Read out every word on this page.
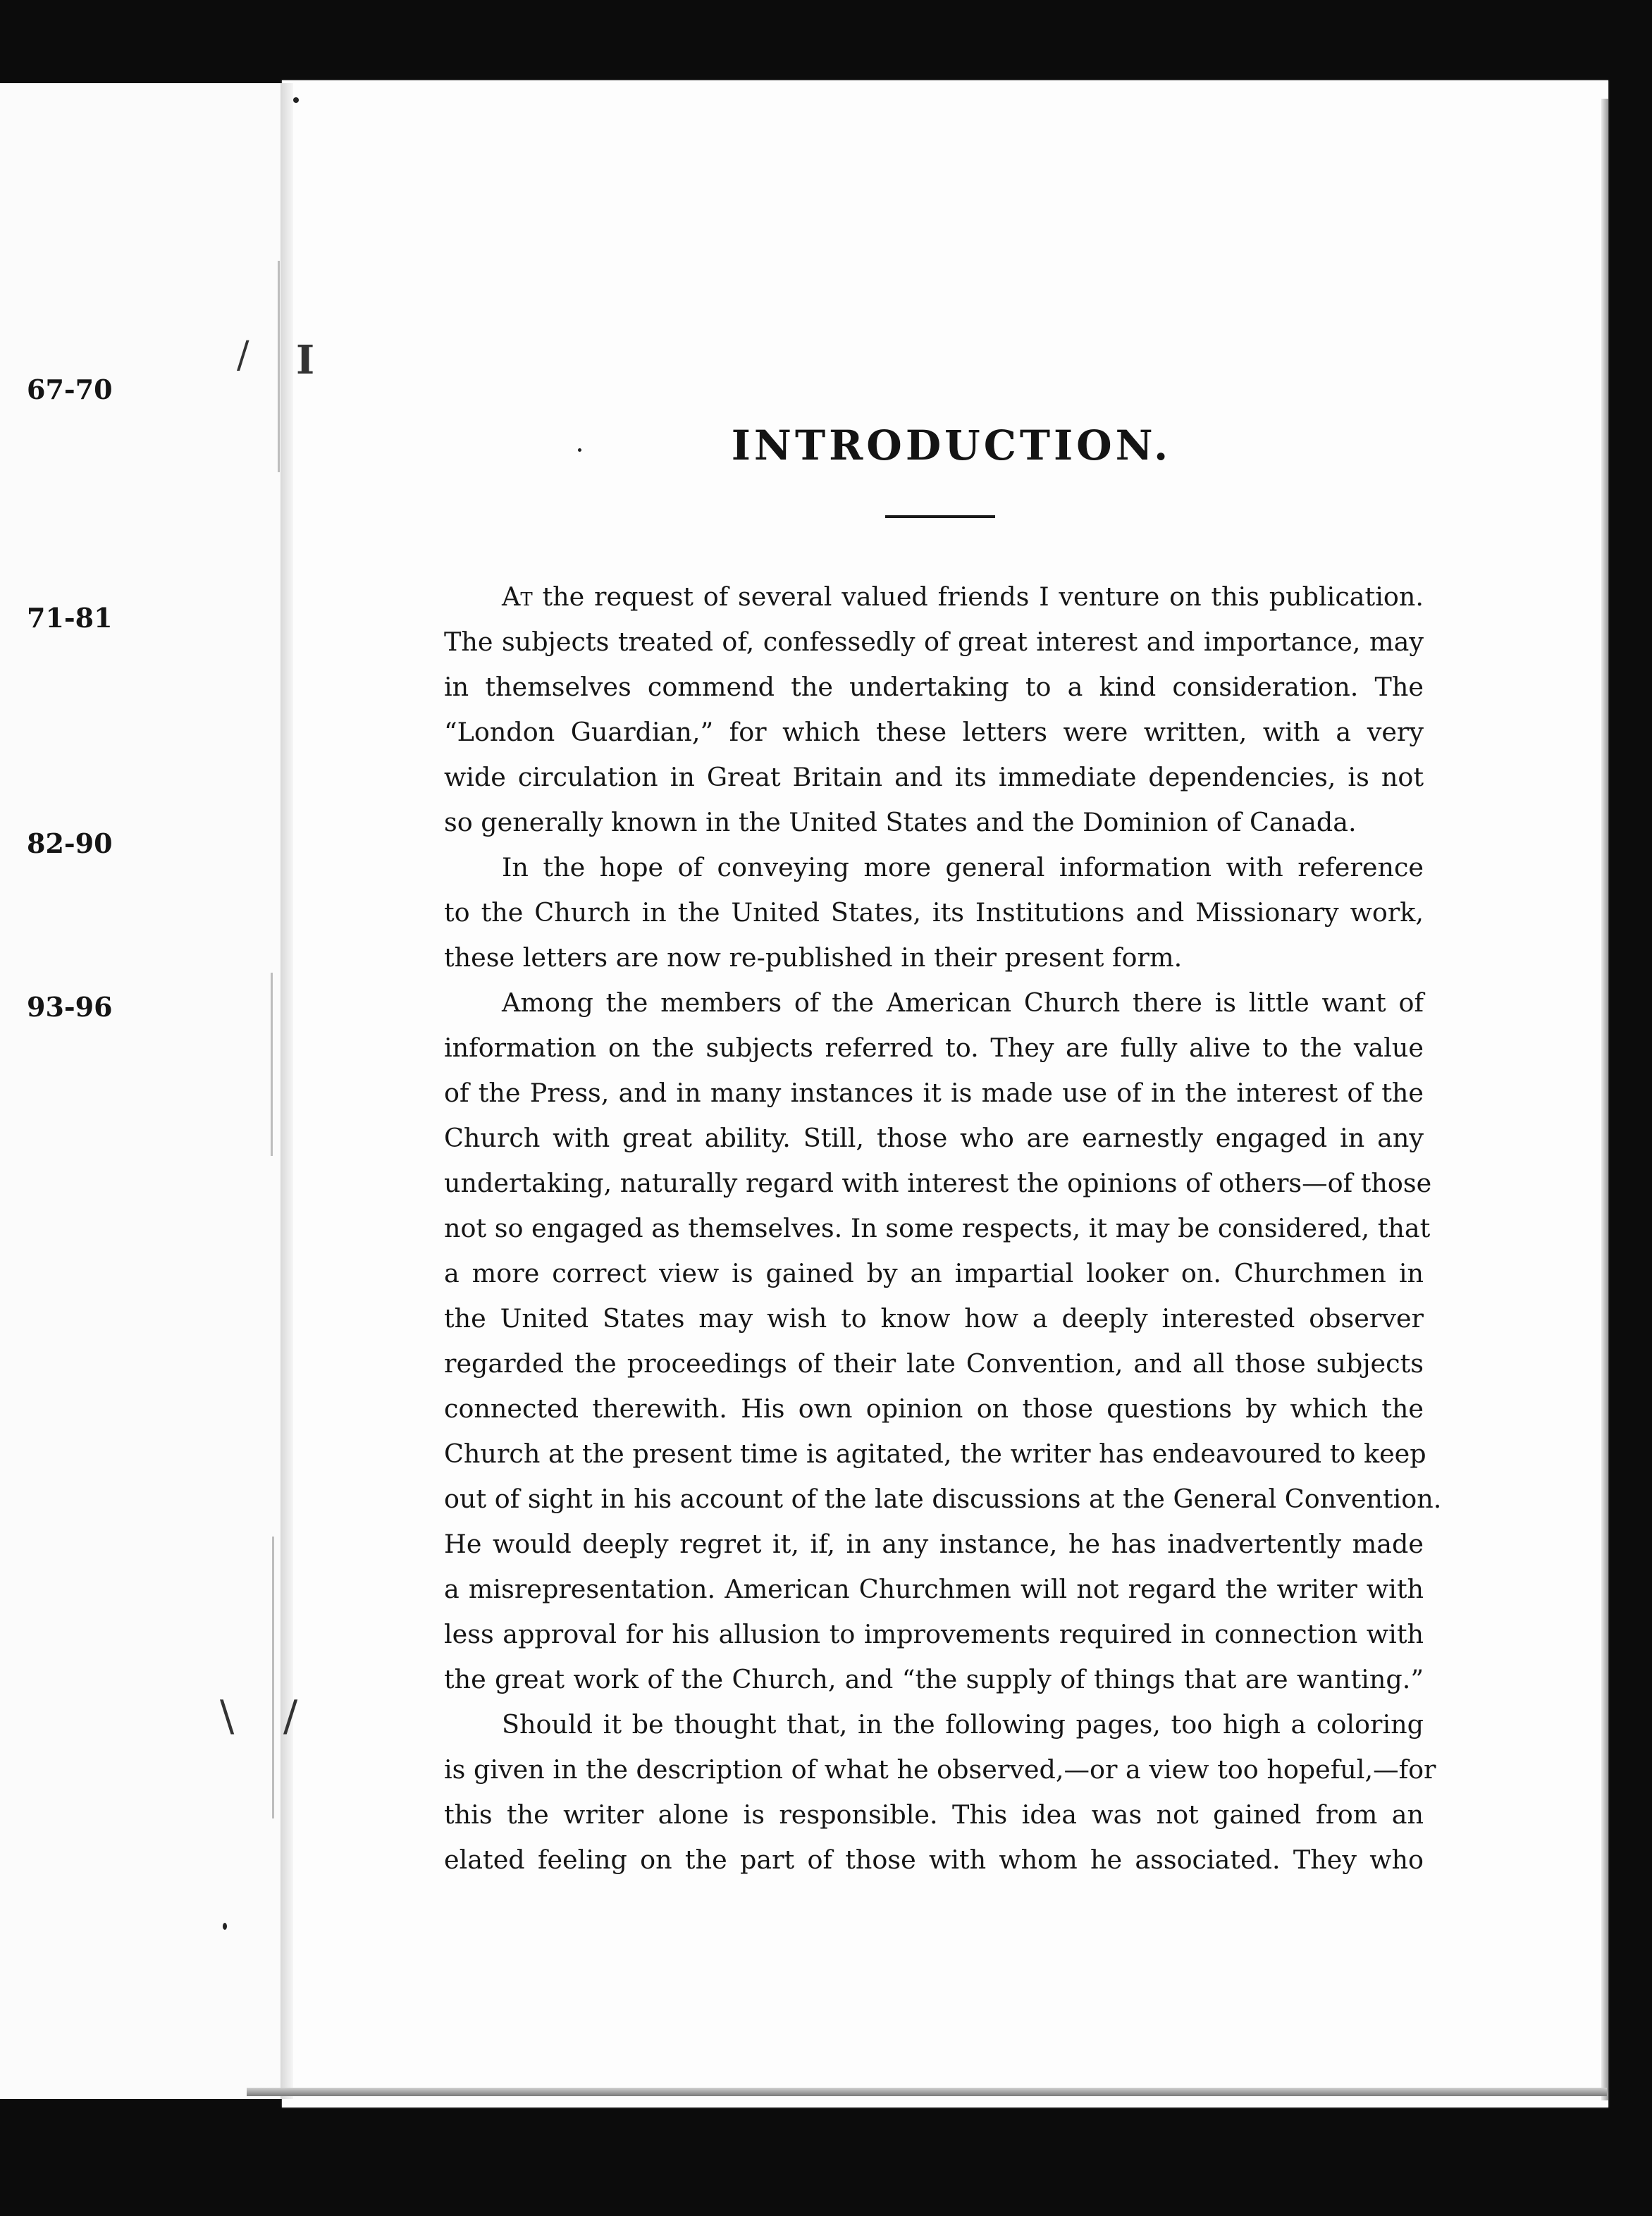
67-70
71-81
82-90
93-96
/ I
\ /
INTRODUCTION.
At the request of several valued friends I venture on this publication.
The subjects treated of, confessedly of great interest and importance, may
in themselves commend the undertaking to a kind consideration. The
“London Guardian,” for which these letters were written, with a very
wide circulation in Great Britain and its immediate dependencies, is not
so generally known in the United States and the Dominion of Canada.
In the hope of conveying more general information with reference
to the Church in the United States, its Institutions and Missionary work,
these letters are now re-published in their present form.
Among the members of the American Church there is little want of
information on the subjects referred to. They are fully alive to the value
of the Press, and in many instances it is made use of in the interest of the
Church with great ability. Still, those who are earnestly engaged in any
undertaking, naturally regard with interest the opinions of others—of those
not so engaged as themselves. In some respects, it may be considered, that
a more correct view is gained by an impartial looker on. Churchmen in
the United States may wish to know how a deeply interested observer
regarded the proceedings of their late Convention, and all those subjects
connected therewith. His own opinion on those questions by which the
Church at the present time is agitated, the writer has endeavoured to keep
out of sight in his account of the late discussions at the General Convention.
He would deeply regret it, if, in any instance, he has inadvertently made
a misrepresentation. American Churchmen will not regard the writer with
less approval for his allusion to improvements required in connection with
the great work of the Church, and “the supply of things that are wanting.”
Should it be thought that, in the following pages, too high a coloring
is given in the description of what he observed,—or a view too hopeful,—for
this the writer alone is responsible. This idea was not gained from an
elated feeling on the part of those with whom he associated. They who
